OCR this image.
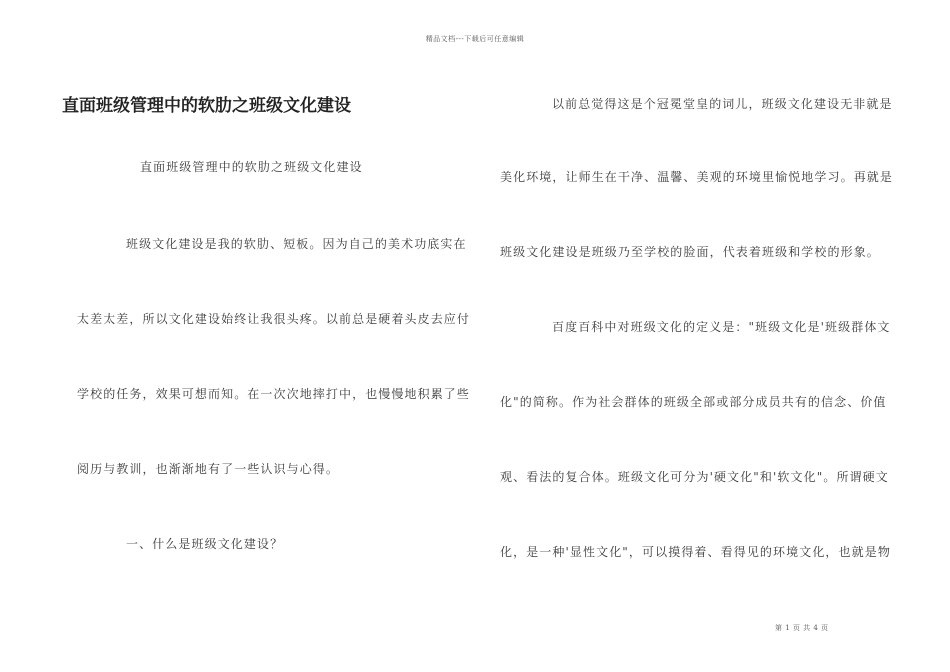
精品文档---下载后可任意编辑
直面班级管理中的软肋之班级文化建设
直面班级管理中的软肋之班级文化建设
班级文化建设是我的软肋、短板。因为自己的美术功底实在
太差太差，所以文化建设始终让我很头疼。以前总是硬着头皮去应付
学校的任务，效果可想而知。在一次次地摔打中，也慢慢地积累了些
阅历与教训，也渐渐地有了一些认识与心得。
一、什么是班级文化建设？
以前总觉得这是个冠冕堂皇的词儿，班级文化建设无非就是
美化环境，让师生在干净、温馨、美观的环境里愉悦地学习。再就是
班级文化建设是班级乃至学校的脸面，代表着班级和学校的形象。
百度百科中对班级文化的定义是："班级文化是'班级群体文
化"的简称。作为社会群体的班级全部或部分成员共有的信念、价值
观、看法的复合体。班级文化可分为'硬文化"和'软文化"。所谓硬文
化，是一种'显性文化"，可以摸得着、看得见的环境文化，也就是物
第 1 页 共 4 页
